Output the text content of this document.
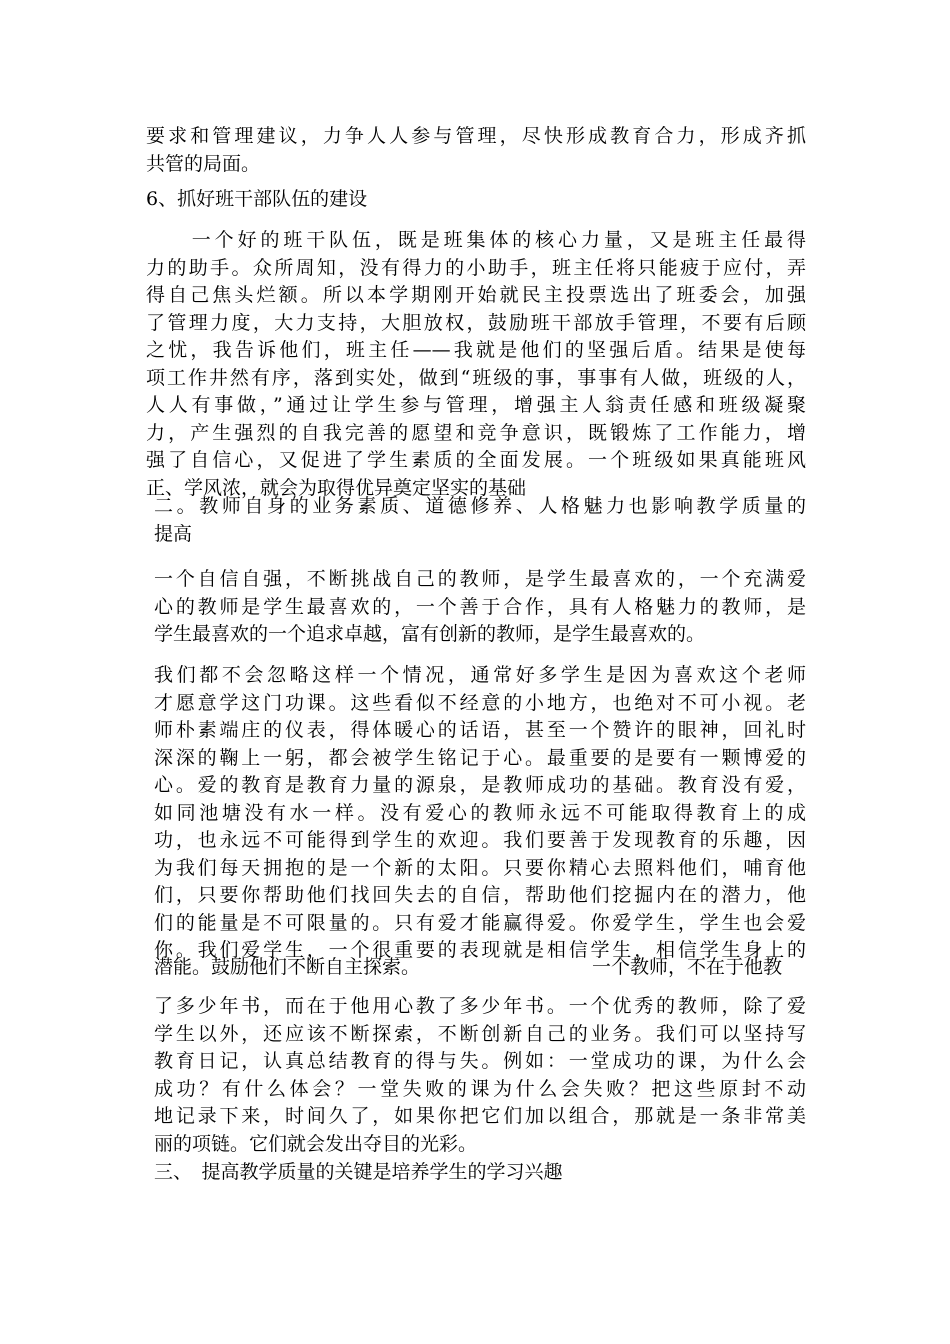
要求和管理建议，力争人人参与管理，尽快形成教育合力，形成齐抓
共管的局面。
6、抓好班干部队伍的建设
　　一个好的班干队伍，既是班集体的核心力量，又是班主任最得
力的助手。众所周知，没有得力的小助手，班主任将只能疲于应付，弄
得自己焦头烂额。所以本学期刚开始就民主投票选出了班委会，加强
了管理力度，大力支持，大胆放权，鼓励班干部放手管理，不要有后顾
之忧，我告诉他们，班主任——我就是他们的坚强后盾。结果是使每
项工作井然有序，落到实处，做到“班级的事，事事有人做，班级的人，
人人有事做，”通过让学生参与管理，增强主人翁责任感和班级凝聚
力，产生强烈的自我完善的愿望和竞争意识，既锻炼了工作能力，增
强了自信心，又促进了学生素质的全面发展。一个班级如果真能班风
正、学风浓，就会为取得优异奠定坚实的基础
二。教师自身的业务素质、道德修养、人格魅力也影响教学质量的
提高
一个自信自强，不断挑战自己的教师，是学生最喜欢的，一个充满爱
心的教师是学生最喜欢的，一个善于合作，具有人格魅力的教师，是
学生最喜欢的一个追求卓越，富有创新的教师，是学生最喜欢的。
我们都不会忽略这样一个情况，通常好多学生是因为喜欢这个老师
才愿意学这门功课。这些看似不经意的小地方，也绝对不可小视。老
师朴素端庄的仪表，得体暖心的话语，甚至一个赞许的眼神，回礼时
深深的鞠上一躬，都会被学生铭记于心。最重要的是要有一颗博爱的
心。爱的教育是教育力量的源泉，是教师成功的基础。教育没有爱，
如同池塘没有水一样。没有爱心的教师永远不可能取得教育上的成
功，也永远不可能得到学生的欢迎。我们要善于发现教育的乐趣，因
为我们每天拥抱的是一个新的太阳。只要你精心去照料他们，哺育他
们，只要你帮助他们找回失去的自信，帮助他们挖掘内在的潜力，他
们的能量是不可限量的。只有爱才能赢得爱。你爱学生，学生也会爱
你。我们爱学生，一个很重要的表现就是相信学生，相信学生身上的
潜能。鼓励他们不断自主探索。	一个教师，不在于他教
了多少年书，而在于他用心教了多少年书。一个优秀的教师，除了爱
学生以外，还应该不断探索，不断创新自己的业务。我们可以坚持写
教育日记，认真总结教育的得与失。例如：一堂成功的课，为什么会
成功？有什么体会？一堂失败的课为什么会失败？把这些原封不动
地记录下来，时间久了，如果你把它们加以组合，那就是一条非常美
丽的项链。它们就会发出夺目的光彩。
三、　提高教学质量的关键是培养学生的学习兴趣
